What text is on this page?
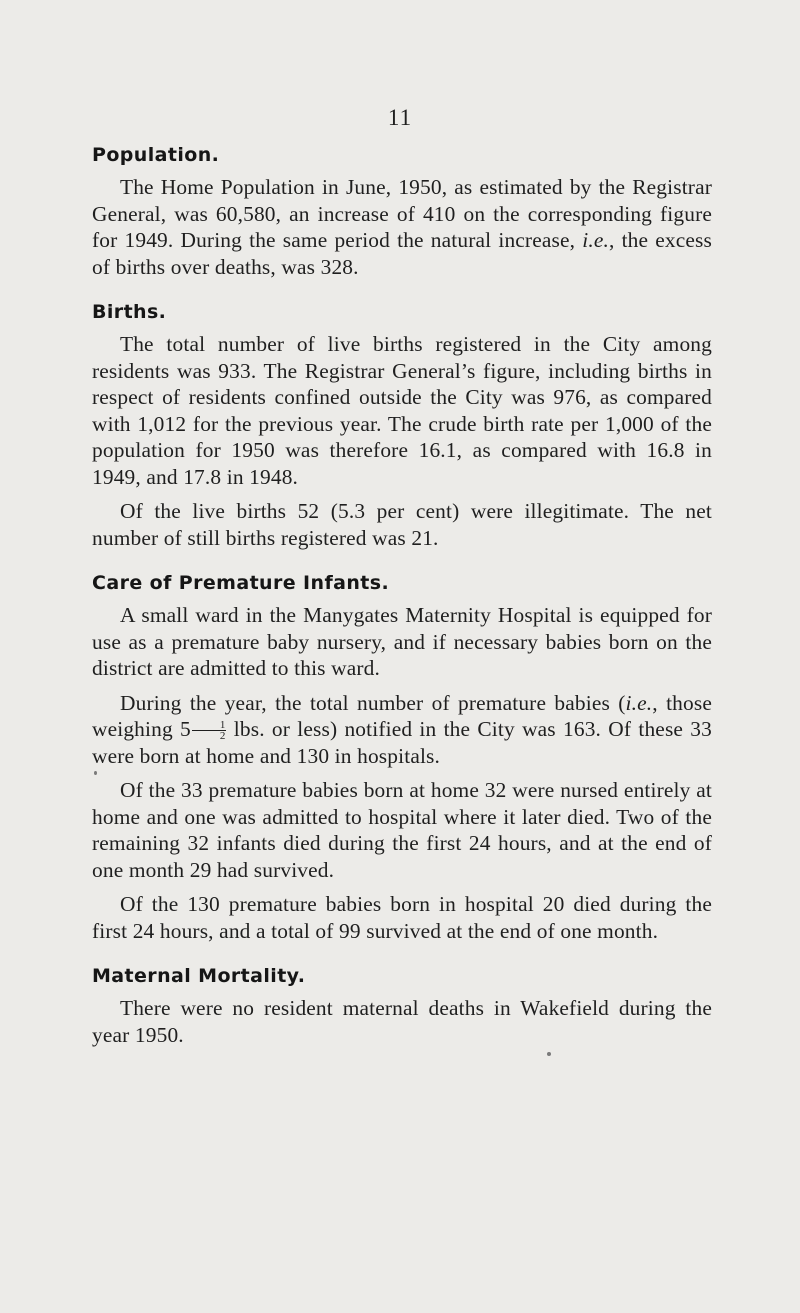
11
Population.

The Home Population in June, 1950, as estimated by the Registrar General, was 60,580, an increase of 410 on the corresponding figure for 1949. During the same period the natural increase, i.e., the excess of births over deaths, was 328.

Births.

The total number of live births registered in the City among residents was 933. The Registrar General’s figure, including births in respect of residents confined outside the City was 976, as compared with 1,012 for the previous year. The crude birth rate per 1,000 of the population for 1950 was therefore 16.1, as compared with 16.8 in 1949, and 17.8 in 1948.

Of the live births 52 (5.3 per cent) were illegitimate. The net number of still births registered was 21.

Care of Premature Infants.

A small ward in the Manygates Maternity Hospital is equipped for use as a premature baby nursery, and if necessary babies born on the district are admitted to this ward.

During the year, the total number of premature babies (i.e., those weighing $5 \frac{1}{2}$ lbs. or less) notified in the City was 163. Of these 33 were born at home and 130 in hospitals.

Of the 33 premature babies born at home 32 were nursed entirely at home and one was admitted to hospital where it later died. Two of the remaining 32 infants died during the first 24 hours, and at the end of one month 29 had survived.

Of the 130 premature babies born in hospital 20 died during the first 24 hours, and a total of 99 survived at the end of one month.

Maternal Mortality.

There were no resident maternal deaths in Wakefield during the year 1950.
